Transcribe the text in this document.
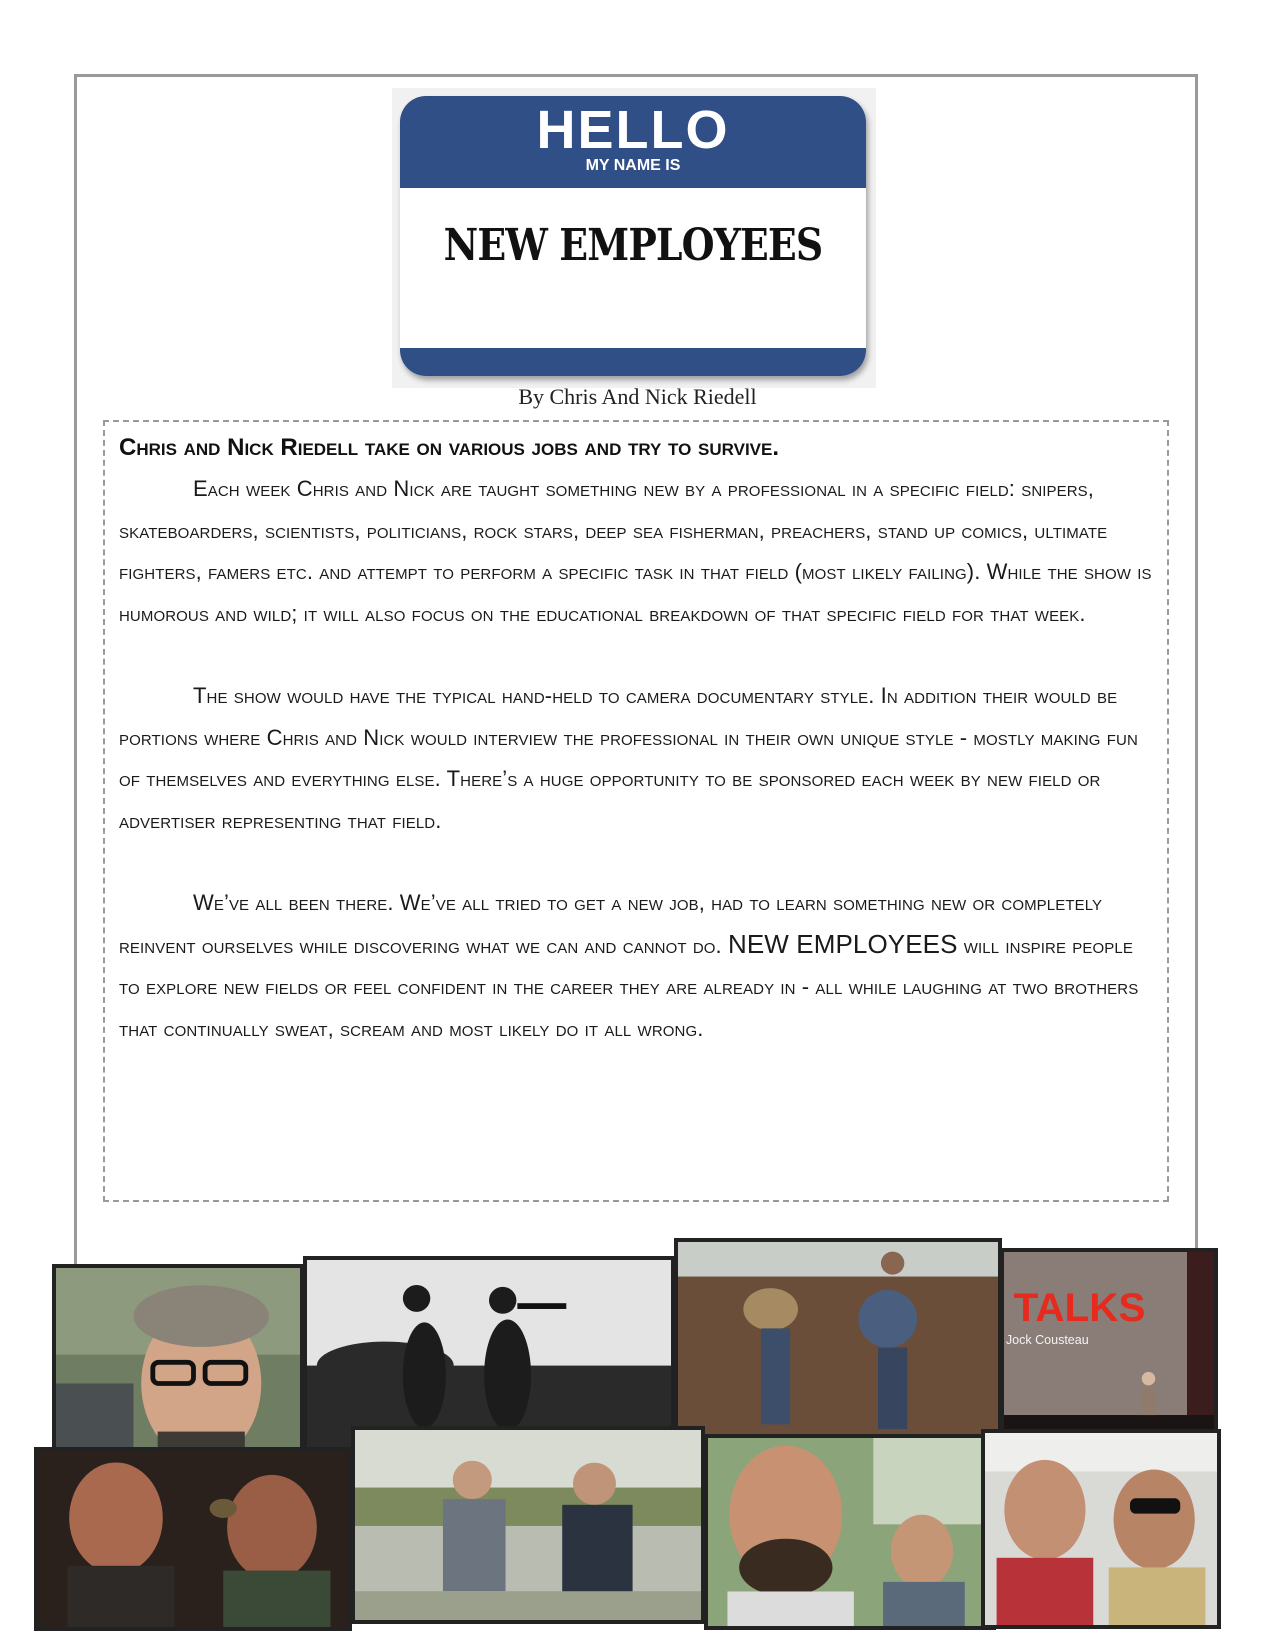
HELLO
MY NAME IS
NEW EMPLOYEES
By Chris And Nick Riedell

Chris and Nick Riedell take on various jobs and try to survive.

Each week Chris and Nick are taught something new by a professional in a specific field: snipers, skateboarders, scientists, politicians, rock stars, deep sea fisherman, preachers, stand up comics, ultimate fighters, famers etc. and attempt to perform a specific task in that field (most likely failing). While the show is humorous and wild; it will also focus on the educational breakdown of that specific field for that week.

The show would have the typical hand-held to camera documentary style. In addition their would be portions where Chris and Nick would interview the professional in their own unique style - mostly making fun of themselves and everything else. There’s a huge opportunity to be sponsored each week by new field or advertiser representing that field.

We’ve all been there. We’ve all tried to get a new job, had to learn something new or completely reinvent ourselves while discovering what we can and cannot do. NEW EMPLOYEES will inspire people to explore new fields or feel confident in the career they are already in - all while laughing at two brothers that continually sweat, scream and most likely do it all wrong.

TALKS
Jock Cousteau
